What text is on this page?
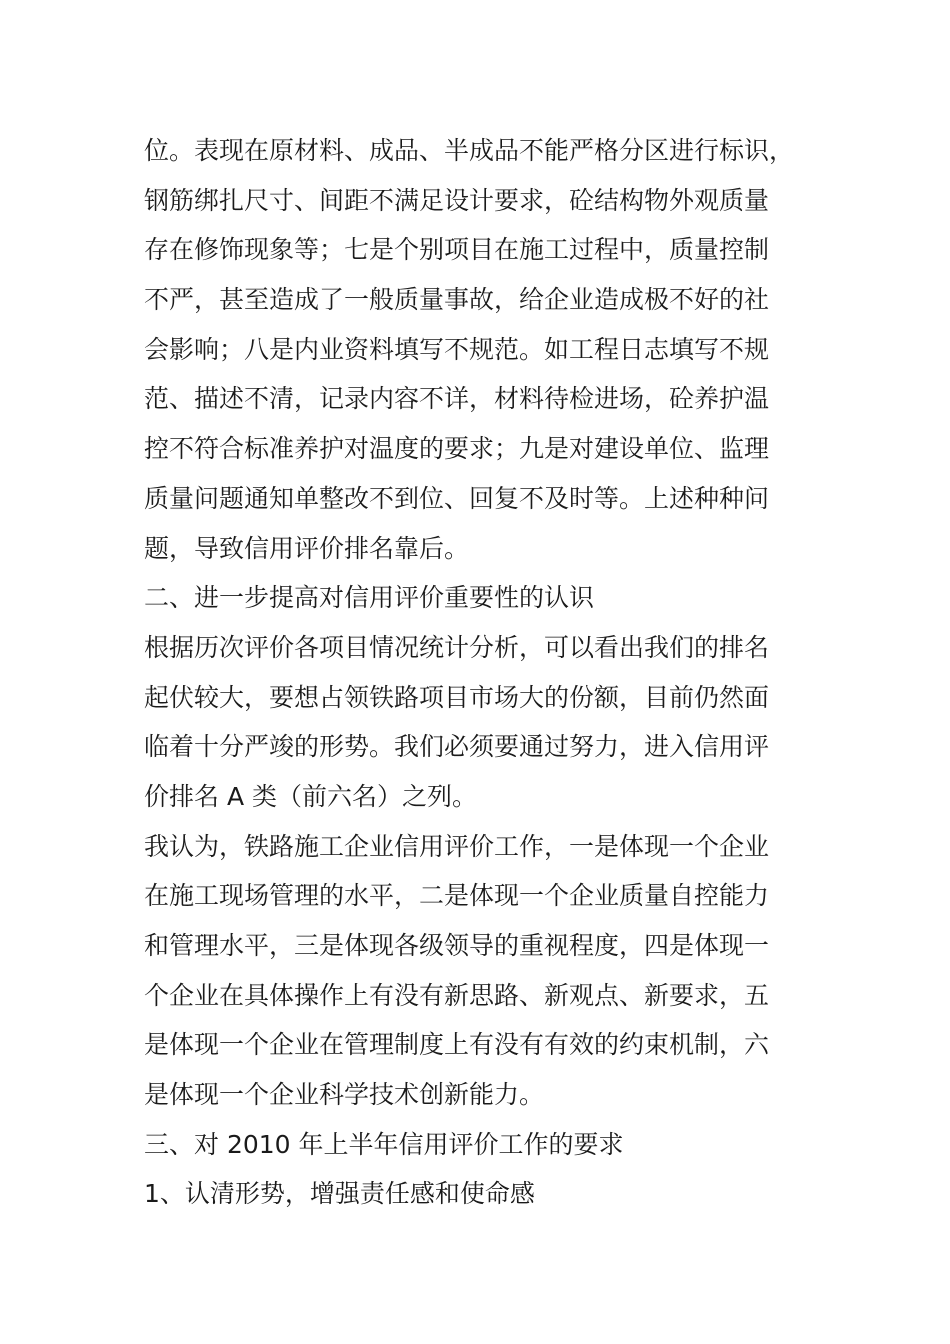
位。表现在原材料、成品、半成品不能严格分区进行标识，
钢筋绑扎尺寸、间距不满足设计要求，砼结构物外观质量
存在修饰现象等；七是个别项目在施工过程中，质量控制
不严，甚至造成了一般质量事故，给企业造成极不好的社
会影响；八是内业资料填写不规范。如工程日志填写不规
范、描述不清，记录内容不详，材料待检进场，砼养护温
控不符合标准养护对温度的要求；九是对建设单位、监理
质量问题通知单整改不到位、回复不及时等。上述种种问
题，导致信用评价排名靠后。
二、进一步提高对信用评价重要性的认识
根据历次评价各项目情况统计分析，可以看出我们的排名
起伏较大，要想占领铁路项目市场大的份额，目前仍然面
临着十分严竣的形势。我们必须要通过努力，进入信用评
价排名 A 类（前六名）之列。
我认为，铁路施工企业信用评价工作，一是体现一个企业
在施工现场管理的水平，二是体现一个企业质量自控能力
和管理水平，三是体现各级领导的重视程度，四是体现一
个企业在具体操作上有没有新思路、新观点、新要求，五
是体现一个企业在管理制度上有没有有效的约束机制，六
是体现一个企业科学技术创新能力。
三、对 2010 年上半年信用评价工作的要求
1、认清形势，增强责任感和使命感
